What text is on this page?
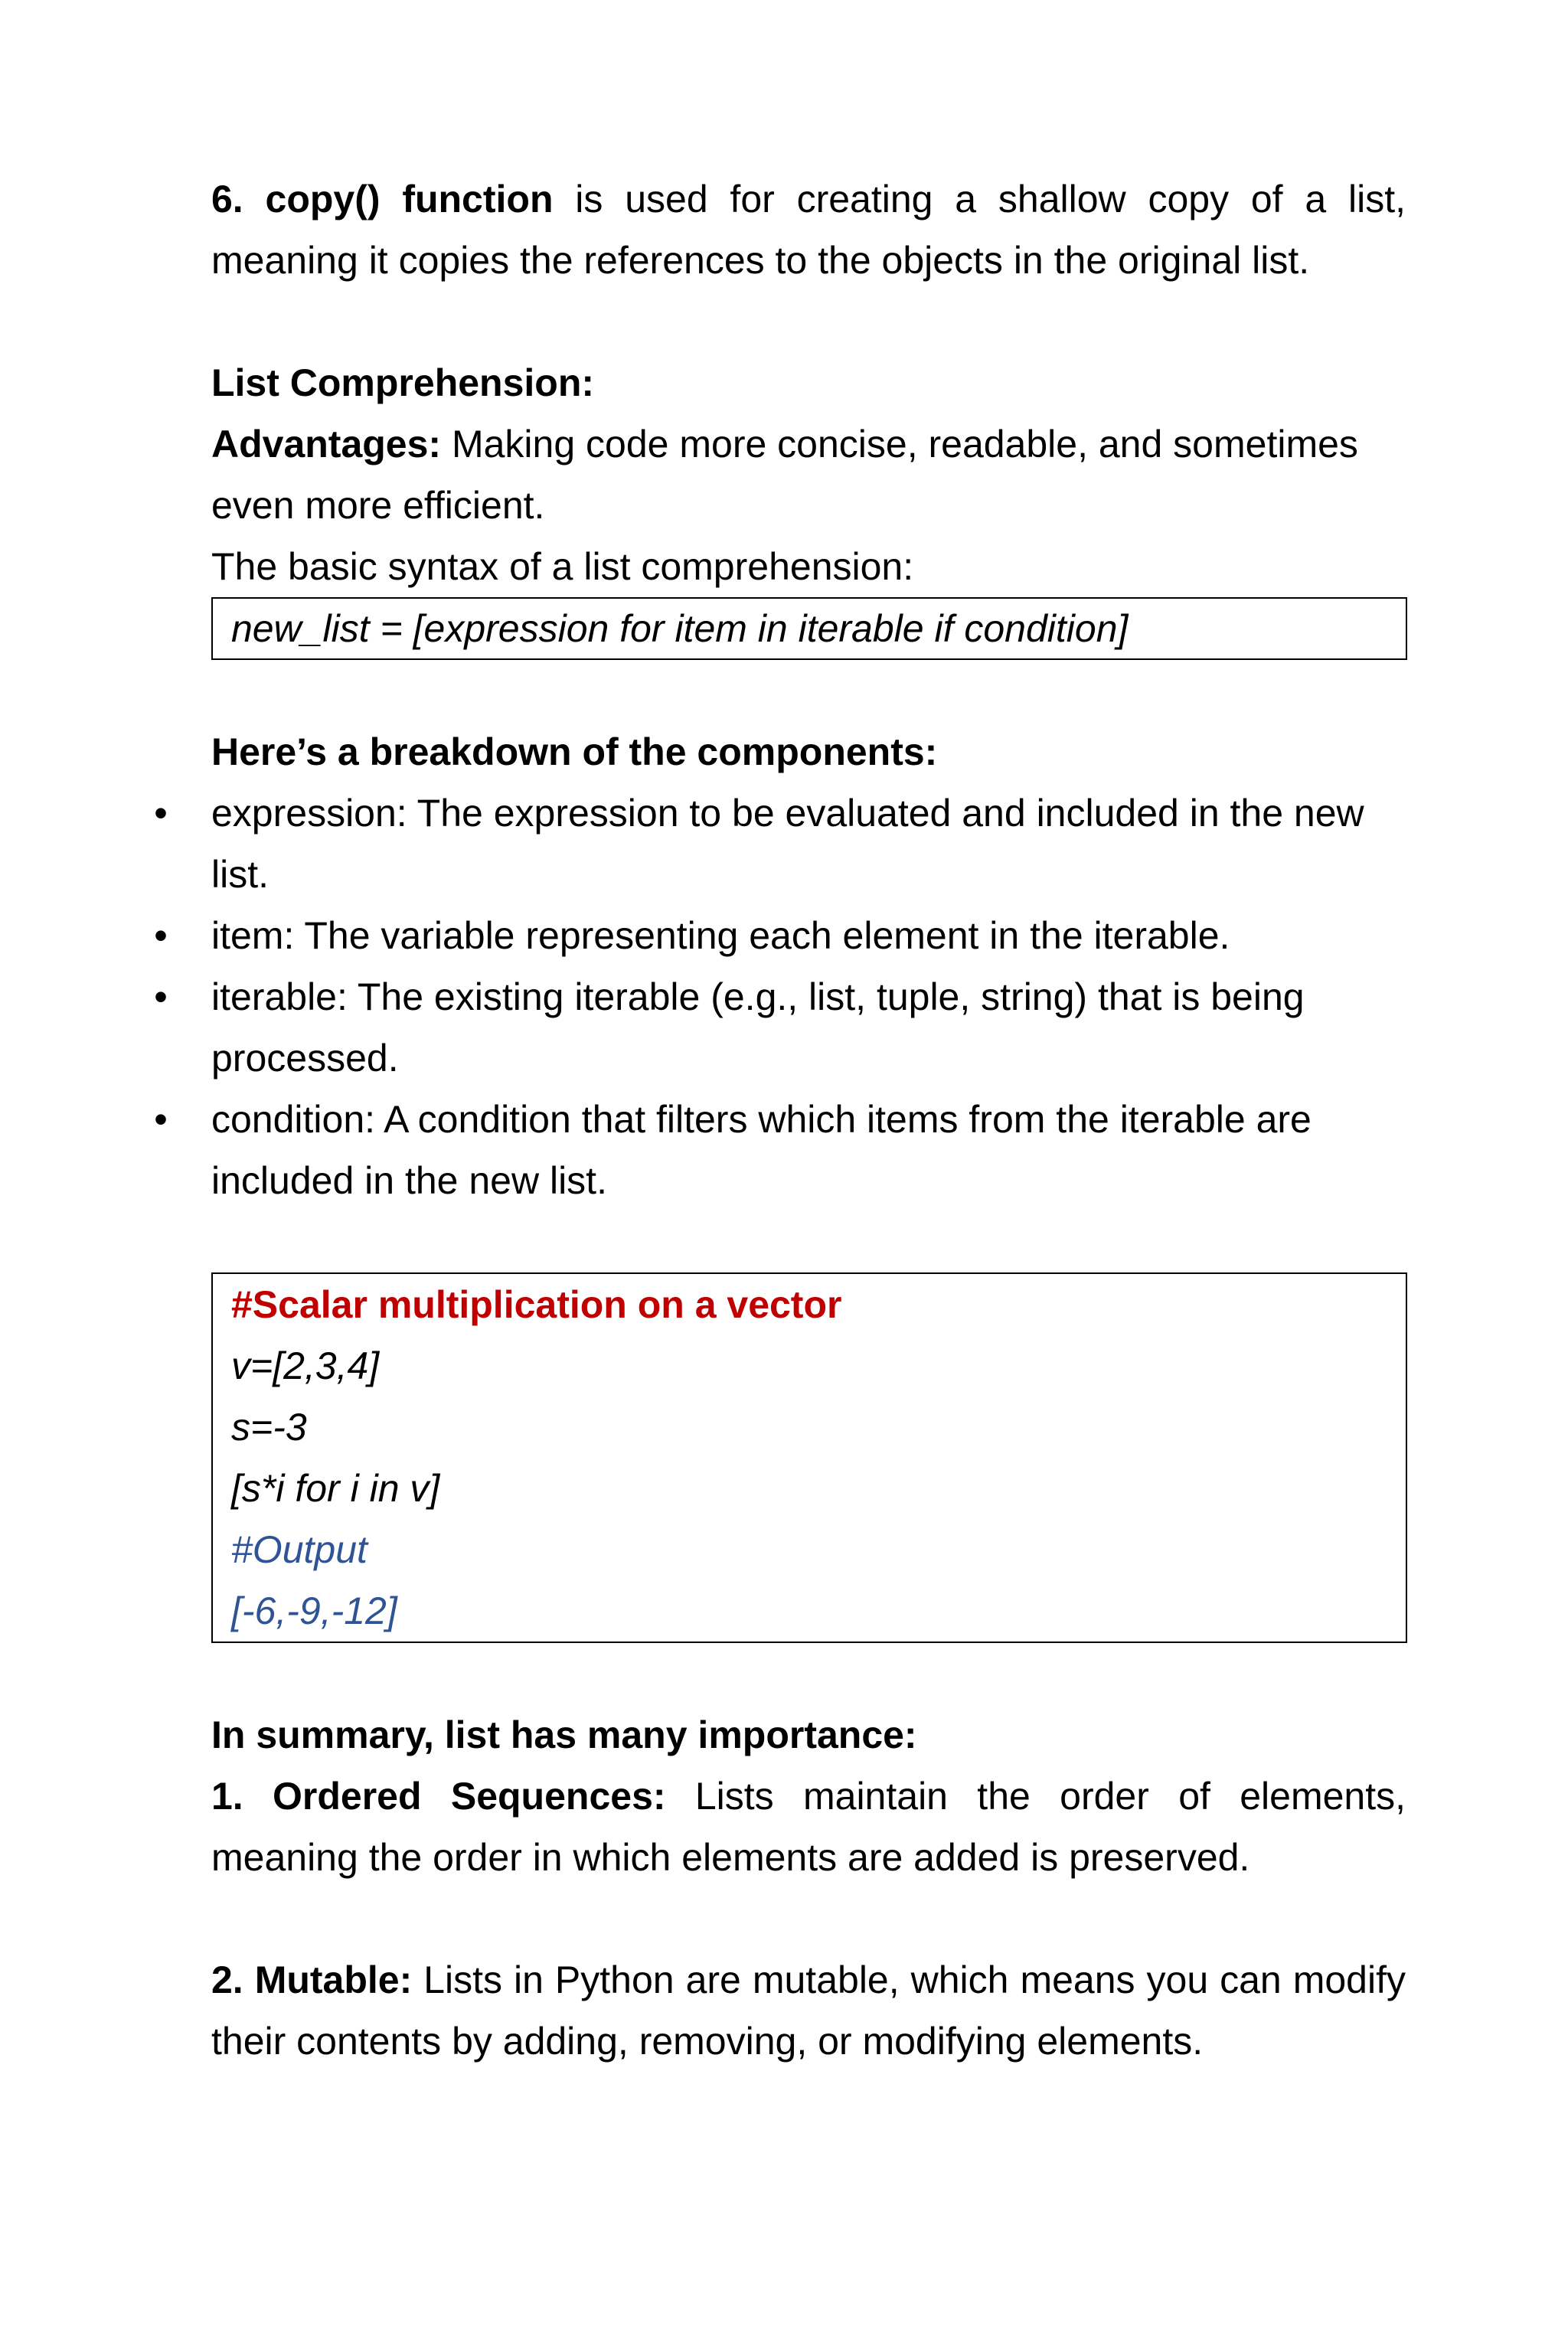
6. copy() function is used for creating a shallow copy of a list, meaning it copies the references to the objects in the original list.

List Comprehension:

Advantages: Making code more concise, readable, and sometimes even more efficient.

The basic syntax of a list comprehension:

new_list = [expression for item in iterable if condition]

Here’s a breakdown of the components:

• expression: The expression to be evaluated and included in the new list.
• item: The variable representing each element in the iterable.
• iterable: The existing iterable (e.g., list, tuple, string) that is being processed.
• condition: A condition that filters which items from the iterable are included in the new list.
#Scalar multiplication on a vector
v=[2,3,4]
s=-3
[s*i for i in v]
#Output
[-6,-9,-12]

In summary, list has many importance:

1. Ordered Sequences: Lists maintain the order of elements, meaning the order in which elements are added is preserved.

2. Mutable: Lists in Python are mutable, which means you can modify their contents by adding, removing, or modifying elements.
